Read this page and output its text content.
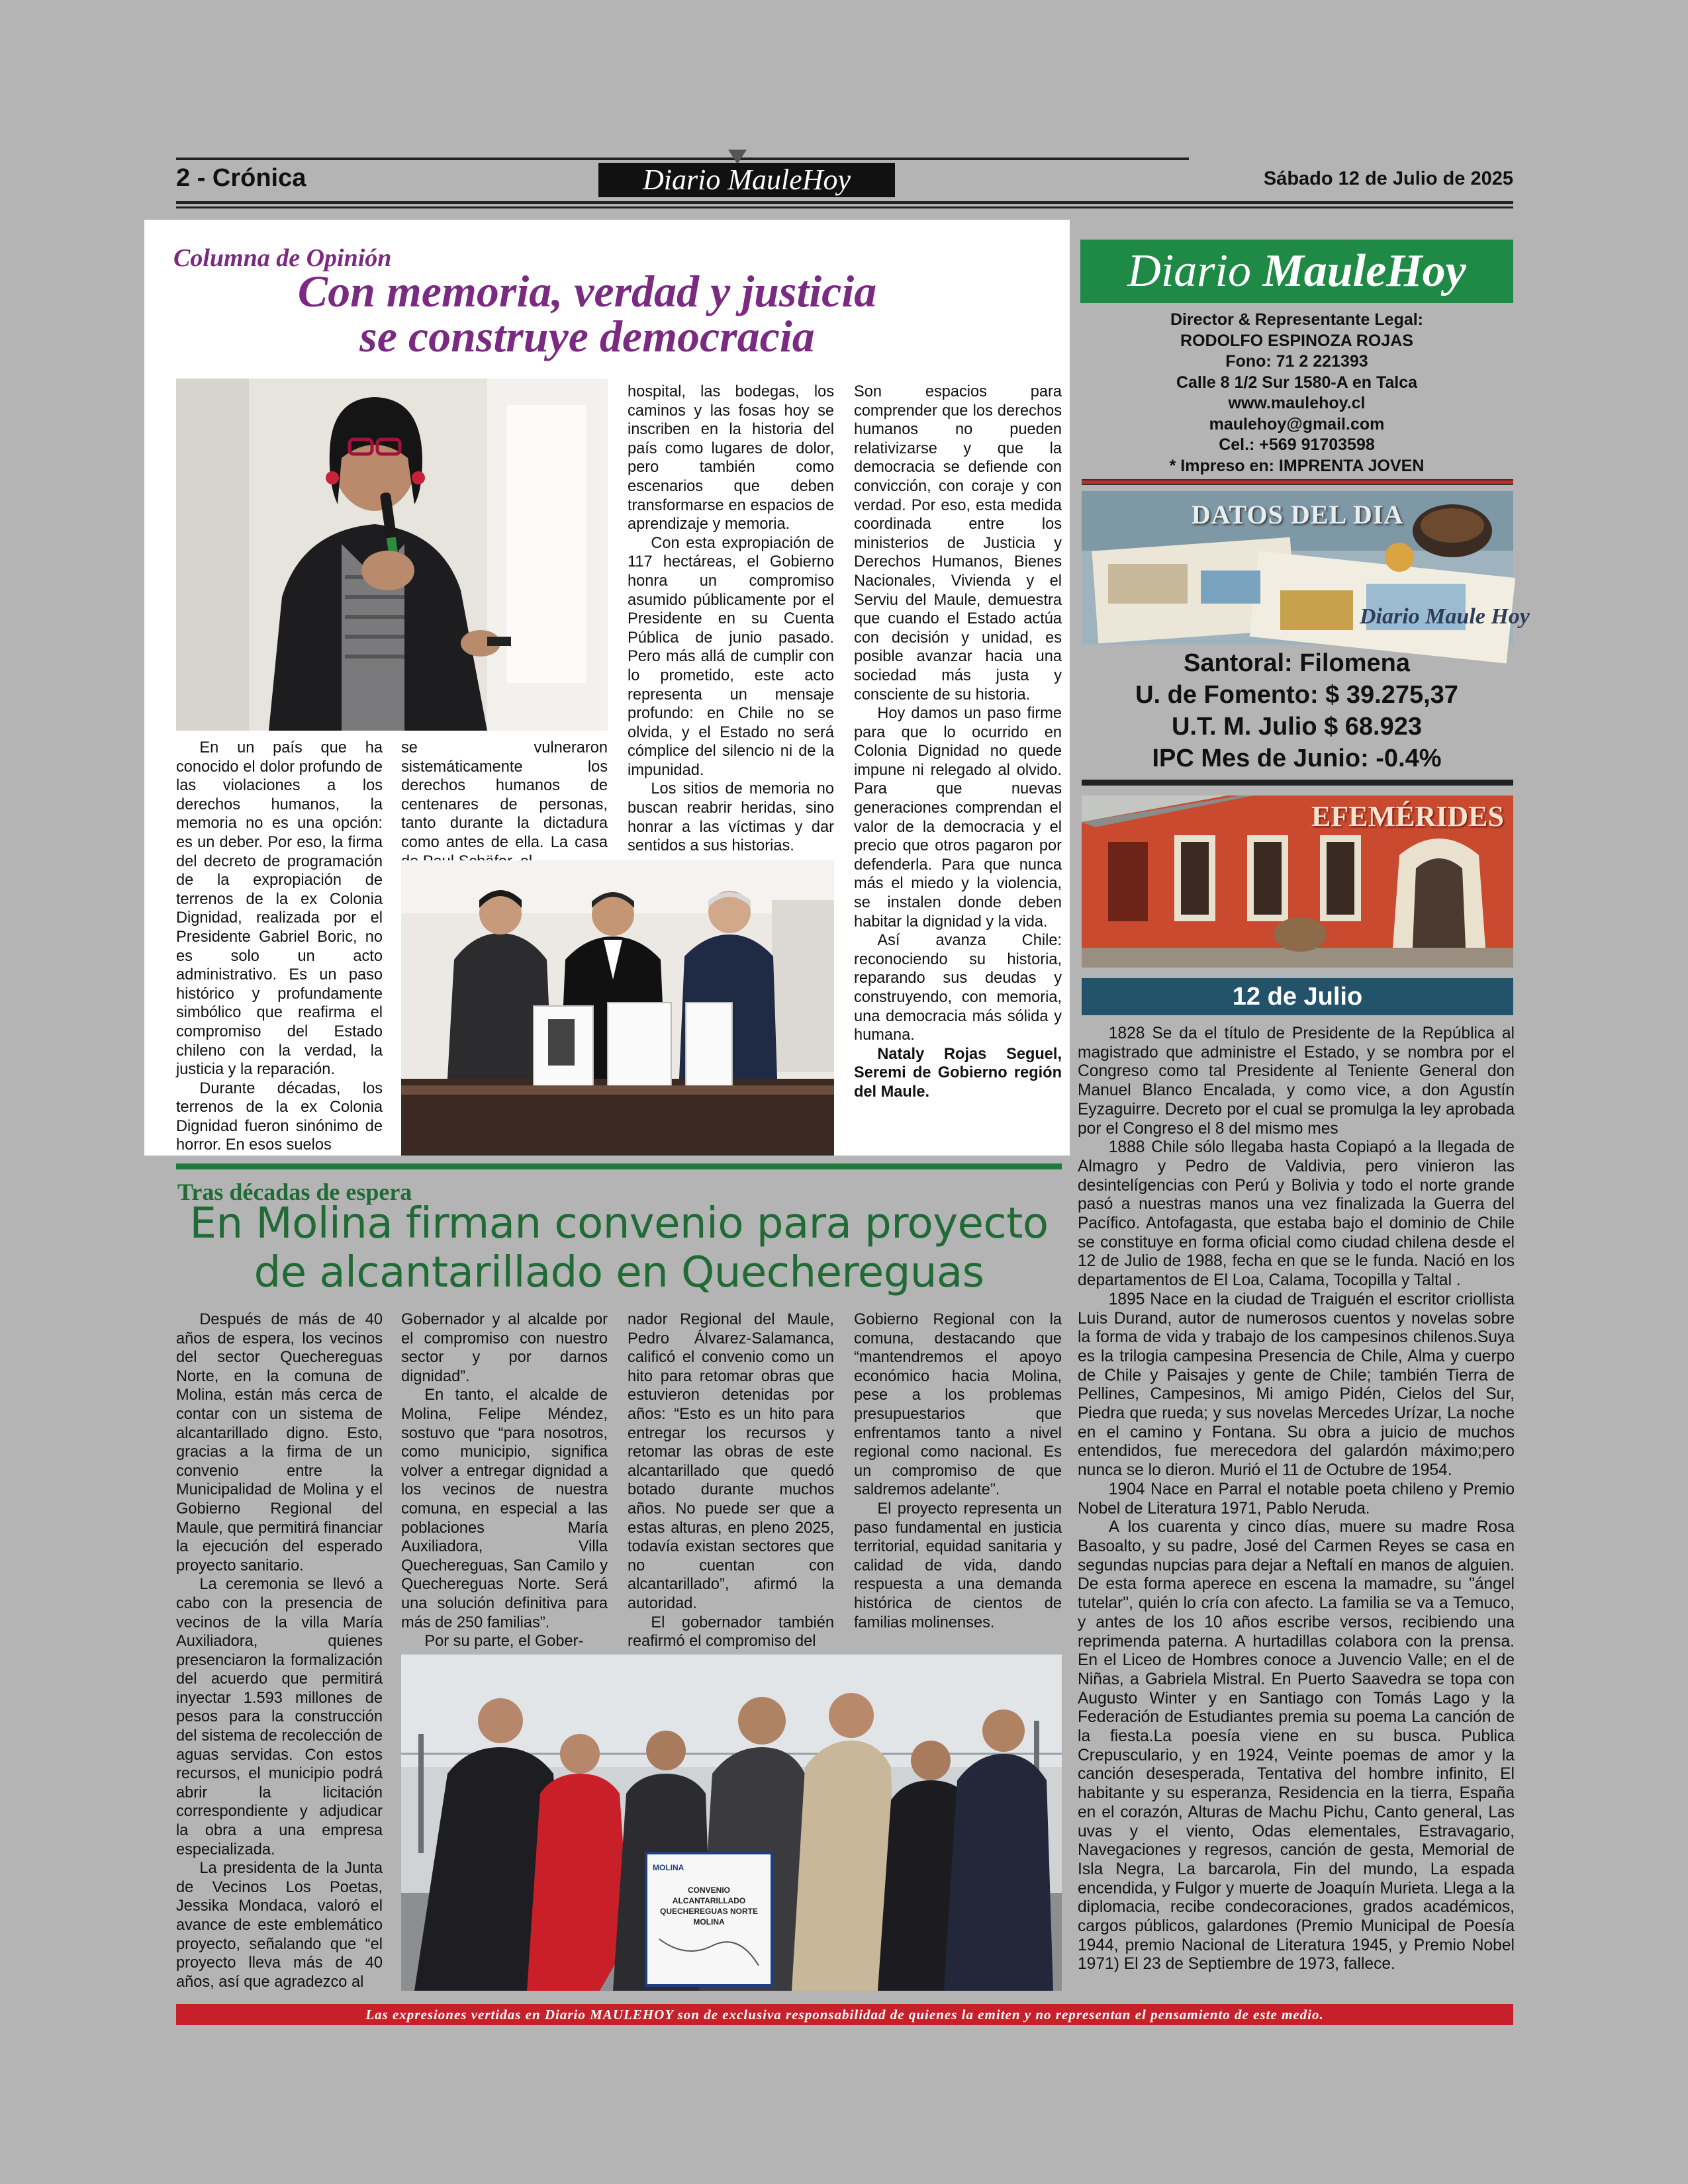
2 - Crónica	Diario MauleHoy	Sábado 12 de Julio de 2025
Columna de Opinión
Con memoria, verdad y justicia
se construye democracia

En un país que ha conocido el dolor profundo de las violaciones a los derechos humanos, la memoria no es una opción: es un deber. Por eso, la firma del decreto de programación de la expropiación de terrenos de la ex Colonia Dignidad, realizada por el Presidente Gabriel Boric, no es solo un acto administrativo. Es un paso histórico y profundamente simbólico que reafirma el compromiso del Estado chileno con la verdad, la justicia y la reparación.

Durante décadas, los terrenos de la ex Colonia Dignidad fueron sinónimo de horror. En esos suelos

se vulneraron sistemáticamente los derechos humanos de centenares de personas, tanto durante la dictadura como antes de ella. La casa

hospital, las bodegas, los caminos y las fosas hoy se inscriben en la historia del país como lugares de dolor, pero también como escenarios que deben transformarse en espacios de aprendizaje y memoria.

Con esta expropiación de 117 hectáreas, el Gobierno honra un compromiso asumido públicamente por el Presidente en su Cuenta Pública de junio pasado. Pero más allá de cumplir con lo prometido, este acto representa un mensaje profundo: en Chile no se olvida, y el Estado no será cómplice del silencio ni de la impunidad.

Los sitios de memoria no buscan reabrir heridas, sino honrar a las víctimas y dar sentidos a sus historias.

Son espacios para comprender que los derechos humanos no pueden relativizarse y que la democracia se defiende con convicción, con coraje y con verdad. Por eso, esta medida coordinada entre los ministerios de Justicia y Derechos Humanos, Bienes Nacionales, Vivienda y el Serviu del Maule, demuestra que cuando el Estado actúa con decisión y unidad, es posible avanzar hacia una sociedad más justa y consciente de su historia.

Hoy damos un paso firme para que lo ocurrido en Colonia Dignidad no quede impune ni relegado al olvido. Para que nuevas generaciones comprendan el valor de la democracia y el precio que otros pagaron por defenderla. Para que nunca más el miedo y la violencia, se instalen donde deben habitar la dignidad y la vida.

Así avanza Chile: reconociendo su historia, reparando sus deudas y construyendo, con memoria, una democracia más sólida y humana.

Nataly Rojas Seguel, Seremi de Gobierno región del Maule.

Tras décadas de espera
En Molina firman convenio para proyecto
de alcantarillado en Quechereguas

Después de más de 40 años de espera, los vecinos del sector Quechereguas Norte, en la comuna de Molina, están más cerca de contar con un sistema de alcantarillado digno. Esto, gracias a la firma de un convenio entre la Municipalidad de Molina y el Gobierno Regional del Maule, que permitirá financiar la ejecución del esperado proyecto sanitario.

La ceremonia se llevó a cabo con la presencia de vecinos de la villa María Auxiliadora, quienes presenciaron la formalización del acuerdo que permitirá inyectar 1.593 millones de pesos para la construcción del sistema de recolección de aguas servidas. Con estos recursos, el municipio podrá abrir la licitación correspondiente y adjudicar la obra a una empresa especializada.

La presidenta de la Junta de Vecinos Los Poetas, Jessika Mondaca, valoró el avance de este emblemático proyecto, señalando que “el proyecto lleva más de 40 años, así que agradezco al

Gobernador y al alcalde por el compromiso con nuestro sector y por darnos dignidad”.

En tanto, el alcalde de Molina, Felipe Méndez, sostuvo que “para nosotros, como municipio, significa volver a entregar dignidad a los vecinos de nuestra comuna, en especial a las poblaciones María Auxiliadora, Villa Quechereguas, San Camilo y Quechereguas Norte. Será una solución definitiva para más de 250 familias”.

Por su parte, el Gober-

nador Regional del Maule, Pedro Álvarez-Salamanca, calificó el convenio como un hito para retomar obras que estuvieron detenidas por años: “Esto es un hito para entregar los recursos y retomar las obras de este alcantarillado que quedó botado durante muchos años. No puede ser que a estas alturas, en pleno 2025, todavía existan sectores que no cuentan con alcantarillado”, afirmó la autoridad.

El gobernador también reafirmó el compromiso del

Gobierno Regional con la comuna, destacando que “mantendremos el apoyo económico hacia Molina, pese a los problemas presupuestarios que enfrentamos tanto a nivel regional como nacional. Es un compromiso de que saldremos adelante”.

El proyecto representa un paso fundamental en justicia territorial, equidad sanitaria y calidad de vida, dando respuesta a una demanda histórica de cientos de familias molinenses.

MOLINA
CONVENIO
ALCANTARILLADO
QUECHEREGUAS NORTE
MOLINA
Diario MauleHoy
Director & Representante Legal:
RODOLFO ESPINOZA ROJAS
Fono: 71 2 221393
Calle 8 1/2 Sur 1580-A en Talca
www.maulehoy.cl
maulehoy@gmail.com
Cel.: +569 91703598
* Impreso en: IMPRENTA JOVEN
Diario Maule Hoy
DATOS DEL DIA
Santoral: Filomena
U. de Fomento: $ 39.275,37
U.T. M. Julio $ 68.923
IPC Mes de Junio: -0.4%
EFEMÉRIDES
12 de Julio

1828 Se da el título de Presidente de la República al magistrado que administre el Estado, y se nombra por el Congreso como tal Presidente al Teniente General don Manuel Blanco Encalada, y como vice, a don Agustín Eyzaguirre. Decreto por el cual se promulga la ley aprobada por el Congreso el 8 del mismo mes

1888 Chile sólo llegaba hasta Copiapó a la llegada de Almagro y Pedro de Valdivia, pero vinieron las desintelígencias con Perú y Bolivia y todo el norte grande pasó a nuestras manos una vez finalizada la Guerra del Pacífico. Antofagasta, que estaba bajo el dominio de Chile se constituye en forma oficial como ciudad chilena desde el 12 de Julio de 1988, fecha en que se le funda. Nació en los departamentos de El Loa, Calama, Tocopilla y Taltal .

1895 Nace en la ciudad de Traiguén el escritor criollista Luis Durand, autor de numerosos cuentos y novelas sobre la forma de vida y trabajo de los campesinos chilenos.Suya es la trilogia campesina Presencia de Chile, Alma y cuerpo de Chile y Paisajes y gente de Chile; también Tierra de Pellines, Campesinos, Mi amigo Pidén, Cielos del Sur, Piedra que rueda; y sus novelas Mercedes Urízar, La noche en el camino y Fontana. Su obra a juicio de muchos entendidos, fue merecedora del galardón máximo;pero nunca se lo dieron. Murió el 11 de Octubre de 1954.

1904 Nace en Parral el notable poeta chileno y Premio Nobel de Literatura 1971, Pablo Neruda.

A los cuarenta y cinco días, muere su madre Rosa Basoalto, y su padre, José del Carmen Reyes se casa en segundas nupcias para dejar a Neftalí en manos de alguien. De esta forma aperece en escena la mamadre, su "ángel tutelar", quién lo cría con afecto. La familia se va a Temuco, y antes de los 10 años escribe versos, recibiendo una reprimenda paterna. A hurtadillas colabora con la prensa. En el Liceo de Hombres conoce a Juvencio Valle; en el de Niñas, a Gabriela Mistral. En Puerto Saavedra se topa con Augusto Winter y en Santiago con Tomás Lago y la Federación de Estudiantes premia su poema La canción de la fiesta.La poesía viene en su busca. Publica Crepusculario, y en 1924, Veinte poemas de amor y la canción desesperada, Tentativa del hombre infinito, El habitante y su esperanza, Residencia en la tierra, España en el corazón, Alturas de Machu Pichu, Canto general, Las uvas y el viento, Odas elementales, Estravagario, Navegaciones y regresos, canción de gesta, Memorial de Isla Negra, La barcarola, Fin del mundo, La espada encendida, y Fulgor y muerte de Joaquín Murieta. Llega a la diplomacia, recibe condecoraciones, grados académicos, cargos públicos, galardones (Premio Municipal de Poesía 1944, premio Nacional de Literatura 1945, y Premio Nobel 1971) El 23 de Septiembre de 1973, fallece.

Las expresiones vertidas en Diario MAULEHOY son de exclusiva responsabilidad de quienes la emiten y no representan el pensamiento de este medio.
